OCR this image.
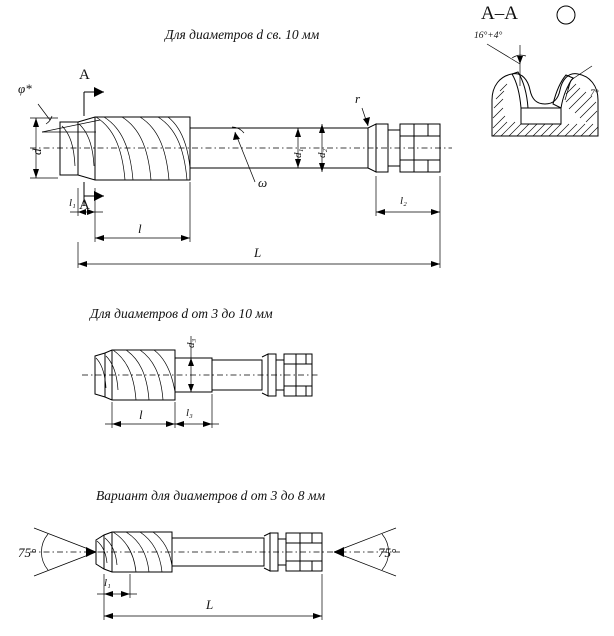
A–A
16°+4°
7°
Для диаметров d св. 10 мм
φ*
A
A
d	d₁ d₂
r
ω
l₁
l
l₂
L
Для диаметров d от 3 до 10 мм
d₃
l	l₃
Вариант для диаметров d от 3 до 8 мм
75°	75°
l₁
L
